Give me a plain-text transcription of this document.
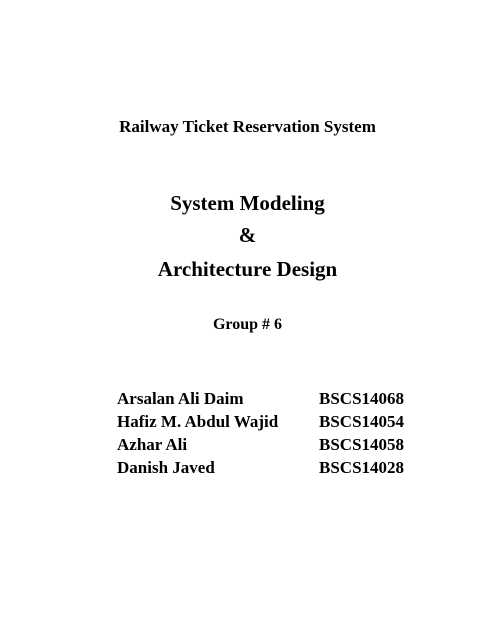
Railway Ticket Reservation System
System Modeling
&
Architecture Design
Group # 6
Arsalan Ali Daim	BSCS14068
Hafiz M. Abdul Wajid BSCS14054
Azhar Ali	BSCS14058
Danish Javed	BSCS14028
